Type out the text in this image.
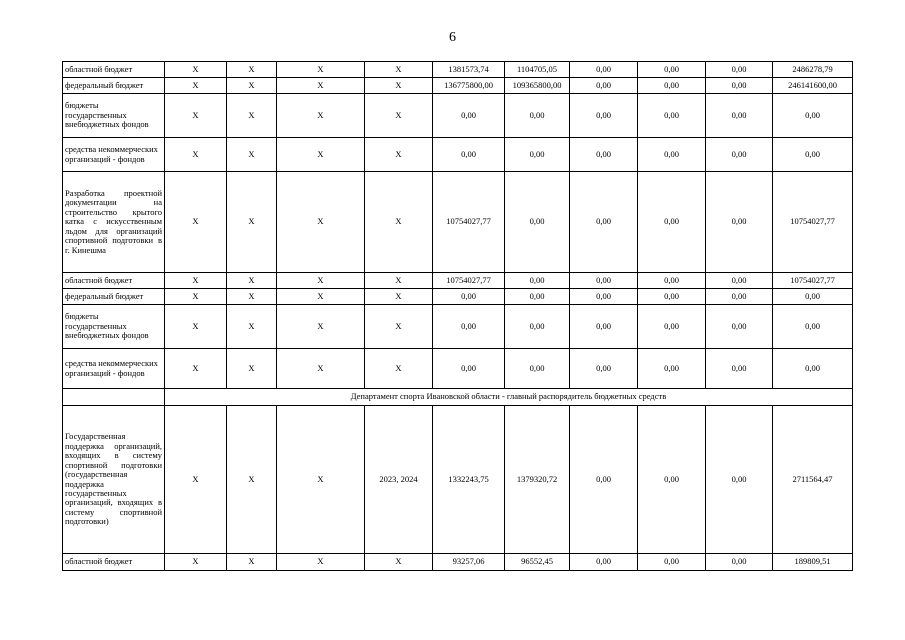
6
областной бюджет	X	X	X	X	1381573,74	1104705,05	0,00	0,00	0,00	2486278,79
федеральный бюджет	X	X	X	X	136775800,00	109365800,00	0,00	0,00	0,00	246141600,00
бюджеты государственных внебюджетных фондов	X	X	X	X	0,00	0,00	0,00	0,00	0,00	0,00
средства некоммерческих организаций - фондов	X	X	X	X	0,00	0,00	0,00	0,00	0,00	0,00
Разработка проектной документации на строительство крытого катка с искусственным льдом для организаций спортивной подготовки в г. Кинешма	X	X	X	X	10754027,77	0,00	0,00	0,00	0,00	10754027,77
областной бюджет	X	X	X	X	10754027,77	0,00	0,00	0,00	0,00	10754027,77
федеральный бюджет	X	X	X	X	0,00	0,00	0,00	0,00	0,00	0,00
бюджеты государственных внебюджетных фондов	X	X	X	X	0,00	0,00	0,00	0,00	0,00	0,00
средства некоммерческих организаций - фондов	X	X	X	X	0,00	0,00	0,00	0,00	0,00	0,00
	Департамент спорта Ивановской области - главный распорядитель бюджетных средств									
Государственная поддержка организаций, входящих в систему спортивной подготовки (государственная поддержка государственных организаций, входящих в систему спортивной подготовки)	X	X	X	2023, 2024	1332243,75	1379320,72	0,00	0,00	0,00	2711564,47
областной бюджет	X	X	X	X	93257,06	96552,45	0,00	0,00	0,00	189809,51
